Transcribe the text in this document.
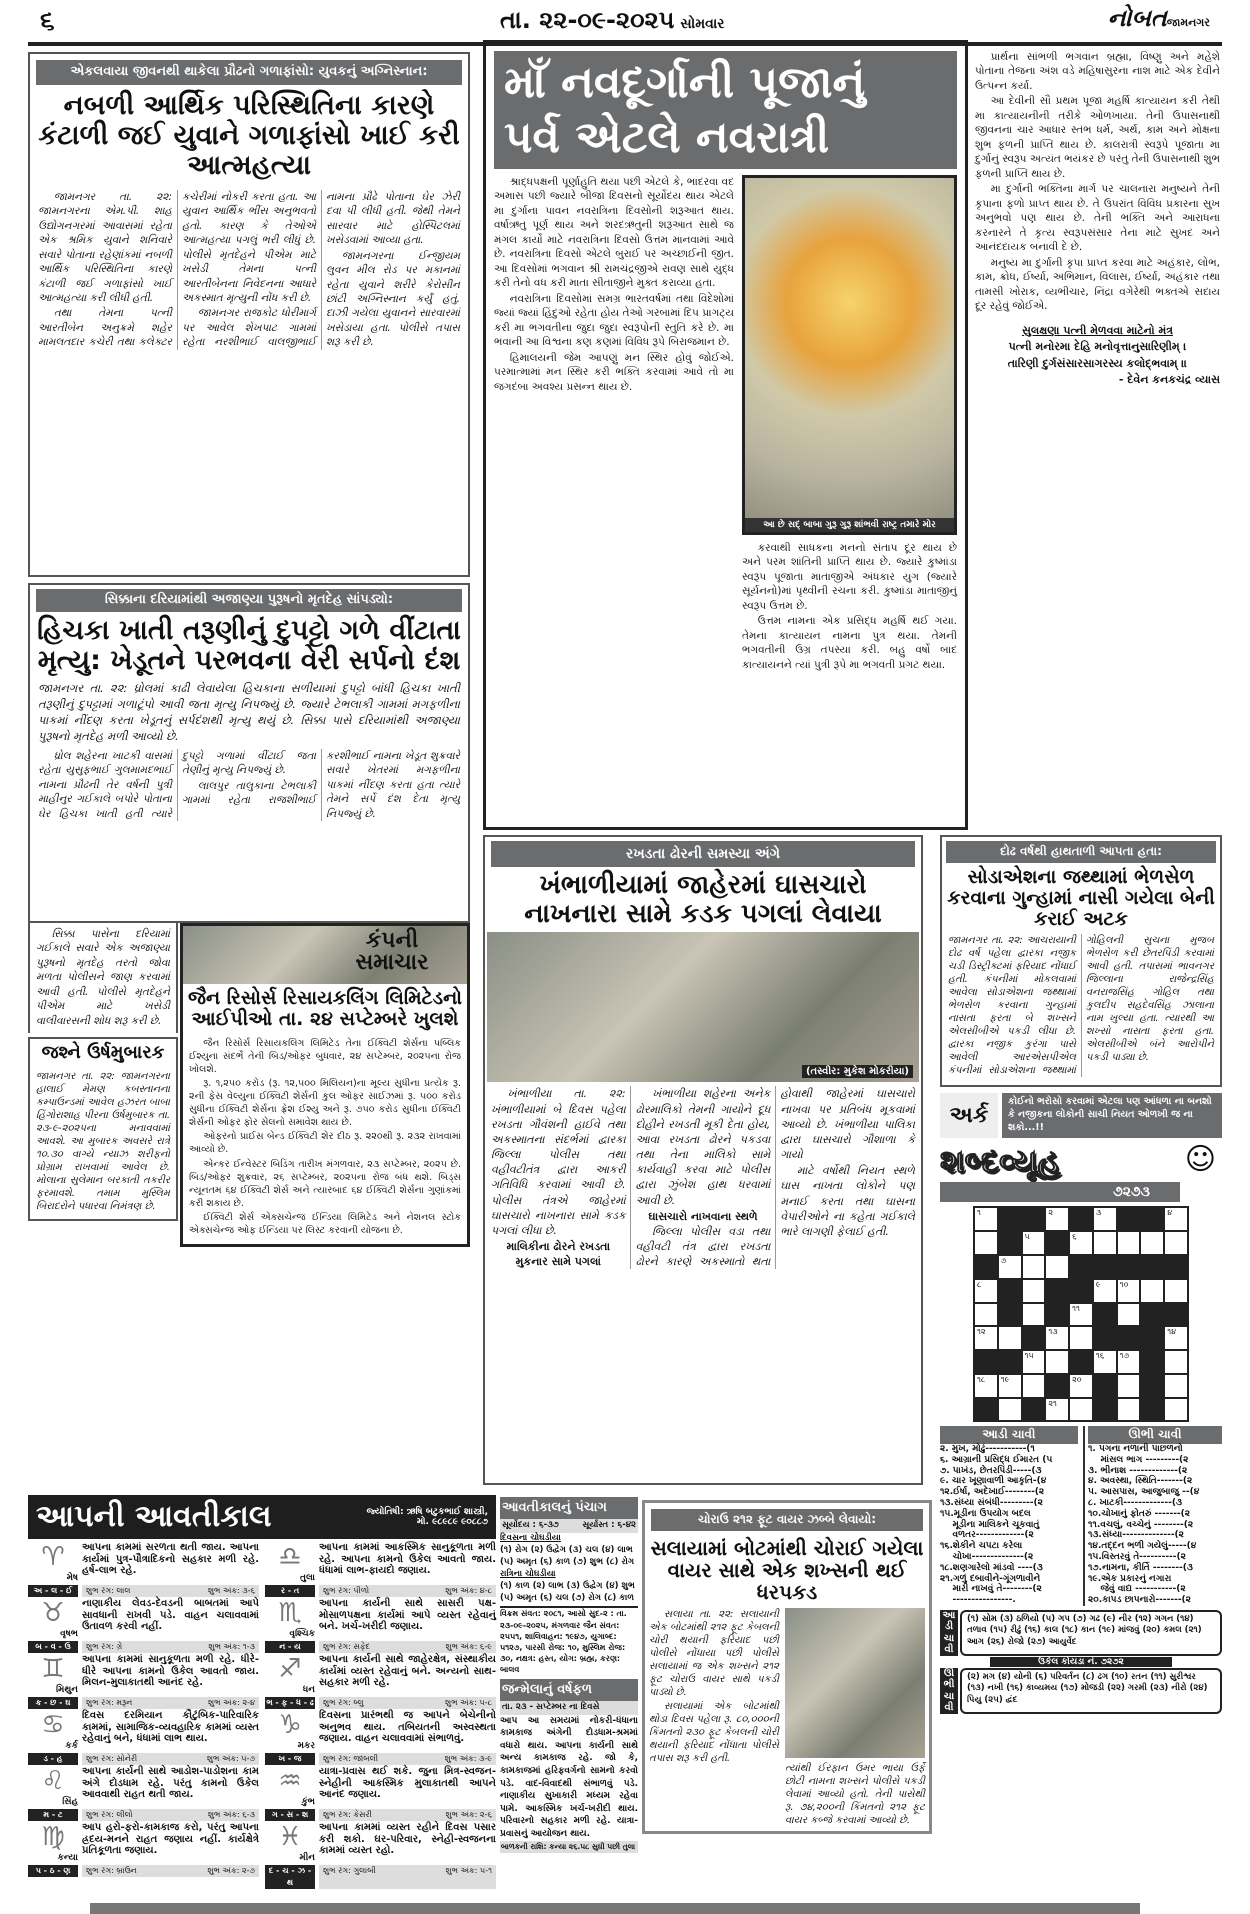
૬	તા. ૨૨-૦૯-૨૦૨૫ સોમવાર	નોબતજામનગર
એકલવાયા જીવનથી થાકેલા પ્રૌઢનો ગળાફાંસો: યુવકનું અગ્નિસ્નાન:
નબળી આર્થિક પરિસ્થિતિના કારણે કંટાળી જઈ યુવાને ગળાફાંસો ખાઈ કરી આત્મહત્યા

જામનગર તા. ૨૨: જામનગરના એમ.પી. શાહ ઉદ્યોગનગરમાં આવાસમાં રહેતા એક શ્રમિક યુવાને શનિવારે સવારે પોતાના રહેણાંકમાં નબળી આર્થિક પરિસ્થિતિના કારણે કંટાળી જઈ ગળાફાંસો ખાઈ આત્મહત્યા કરી લીધી હતી.

તથા તેમના પત્ની આરતીબેન અનુક્રમે શહેર મામલતદાર કચેરી તથા કલેક્ટર કચેરીમાં નોકરી કરતા હતા. આ યુવાન આર્થિક ભીંસ અનુભવતો હતો. કારણ કે તેઓએ આત્મહત્યા પગલું ભરી લીધું છે. પોલીસે મૃતદેહને પીએમ માટે ખસેડી તેમના પત્ની આરતીબેનના નિવેદનના આધારે અકસ્માત મૃત્યુની નોંધ કરી છે.

જામનગર રાજકોટ ધોરીમાર્ગ પર આવેલ શેખપાટ ગામમાં રહેતા નરશીભાઈ વાલજીભાઈ નામના પ્રૌઢે પોતાના ઘેર ઝેરી દવા પી લીધી હતી. જેથી તેમને સારવાર માટે હોસ્પિટલમાં ખસેડવામાં આવ્યા હતા.

જામનગરના ઈન્જીયમ લુવન મીલ રોડ પર મકાનમાં રહેતા યુવાને શરીરે કેરોસીન છાંટી અગ્નિસ્નાન કર્યું હતું. દાઝી ગયેલા યુવાનને સારવારમાં ખસેડાયા હતા. પોલીસે તપાસ શરૂ કરી છે.

સિક્કાના દરિયામાંથી અજાણ્યા પુરૂષનો મૃતદેહ સાંપડ્યો:
હિચકા ખાતી તરૂણીનું દુપટ્ટો ગળે વીંટાતા મૃત્યુ: ખેડૂતને પરભવના વેરી સર્પનો દંશ
જામનગર તા. ૨૨: ધ્રોલમાં કાઢી લેવાયેલા હિચકાના સળીયામાં દુપટ્ટો બાંધી હિચકા ખાતી તરૂણીનું દુપટ્ટામાં ગળાટૂંપો આવી જતા મૃત્યુ નિપજ્યું છે. જ્યારે ટેભલાકી ગામમાં મગફળીના પાકમાં નીંદણ કરતા ખેડૂતનું સર્પદંશથી મૃત્યુ થયું છે. સિક્કા પાસે દરિયામાંથી અજાણ્યા પુરૂષનો મૃતદેહ મળી આવ્યો છે.

ધ્રોલ શહેરના ખાટકી વાસમાં રહેતા યુસુફભાઈ ગુલમામદભાઈ નામના પ્રૌઢની તેર વર્ષની પુત્રી માહીનુર ગઈકાલે બપોરે પોતાના ઘેર હિચકા ખાતી હતી ત્યારે દુપટ્ટો ગળામાં વીંટાઈ જતા તેણીનું મૃત્યુ નિપજ્યું છે.

લાલપુર તાલુકાના ટેભલાકી ગામમાં રહેતા રાજશીભાઈ કરશીભાઈ નામના ખેડૂત શુક્રવારે સવારે ખેતરમાં મગફળીના પાકમાં નીંદણ કરતા હતા ત્યારે તેમને સર્પે દંશ દેતા મૃત્યુ નિપજ્યું છે.

સિક્કા પાસેના દરિયામાં ગઈકાલે સવારે એક અજાણ્યા પુરૂષનો મૃતદેહ તરતો જોવા મળતા પોલીસને જાણ કરવામાં આવી હતી. પોલીસે મૃતદેહને પીએમ માટે ખસેડી વાલીવારસની શોધ શરૂ કરી છે.

જશ્ને ઉર્ષમુબારક
જામનગર તા. ૨૨: જામનગરના હાલાઈ મેમણ કબસ્તાનના કમ્પાઉન્ડમાં આવેલ હઝરત બાબા હિંગોરાશાહ પીરના ઉર્ષમુબારક તા. ૨૩-૯-૨૦૨૫ના મનાવવામાં આવશે. આ મુબારક અવસરે રાત્રે ૧૦.૩૦ વાગ્યે ન્યાઝ શરીફનો પ્રોગ્રામ રાખવામાં આવેલ છે. મોલાના સુલેમાન બરકાતી તકરીર ફરમાવશે. તમામ મુસ્લિમ બિરાદરોને પધારવા નિમંત્રણ છે.
કંપની સમાચાર
જૈન રિસોર્સ રિસાયકલિંગ લિમિટેડનો આઈપીઓ તા. ૨૪ સપ્ટેમ્બરે ખુલશે

જૈન રિસોર્સ રિસાયકલિંગ લિમિટેડ તેના ઈક્વિટી શેર્સના પબ્લિક ઈશ્યુના સંદર્ભે તેની બિડ/ઓફર બુધવાર, ૨૪ સપ્ટેમ્બર, ૨૦૨૫ના રોજ ખોલશે.

રૂ. ૧,૨૫૦ કરોડ (રૂ. ૧૨,૫૦૦ મિલિયન)ના મૂલ્ય સુધીના પ્રત્યેક રૂ. ૨ની ફેસ વેલ્યુના ઈક્વિટી શેર્સની કુલ ઓફર સાઈઝમાં રૂ. ૫૦૦ કરોડ સુધીના ઈક્વિટી શેર્સના ફ્રેશ ઈશ્યુ અને રૂ. ૭૫૦ કરોડ સુધીના ઈક્વિટી શેર્સની ઓફર ફોર સેલનો સમાવેશ થાય છે.

ઓફરનો પ્રાઈસ બેન્ડ ઈક્વિટી શેર દીઠ રૂ. ૨૨૦થી રૂ. ૨૩૨ રાખવામાં આવ્યો છે.

એન્કર ઈન્વેસ્ટર બિડિંગ તારીખ મંગળવાર, ૨૩ સપ્ટેમ્બર, ૨૦૨૫ છે. બિડ/ઓફર શુક્રવાર, ૨૬ સપ્ટેમ્બર, ૨૦૨૫ના રોજ બંધ થશે. બિડ્સ ન્યૂનતમ ૬૪ ઈક્વિટી શેર્સ અને ત્યારબાદ ૬૪ ઈક્વિટી શેર્સના ગુણાંકમાં કરી શકાય છે.

ઈક્વિટી શેર્સ એક્સચેન્જ ઈન્ડિયા લિમિટેડ અને નેશનલ સ્ટોક એક્સચેન્જ ઓફ ઈન્ડિયા પર લિસ્ટ કરવાની યોજના છે.

માઁ નવદૂર્ગાની પૂજાનું
પર્વ એટલે નવરાત્રી

શ્રાદ્ધપક્ષની પૂર્ણાહુતિ થયા પછી એટલે કે, ભાદરવા વદ અમાસ પછી જ્યારે બીજા દિવસનો સૂર્યોદય થાય એટલે મા દુર્ગાના પાવન નવરાત્રિના દિવસોની શરૂઆત થાય. વર્ષાઋતુ પૂર્ણ થાય અને શરદઋતુની શરૂઆત સાથે જ મંગલ કાર્યો માટે નવરાત્રિના દિવસો ઉત્તમ માનવામાં આવે છે. નવરાત્રિના દિવસો એટલે બુરાઈ પર અચ્છાઈની જીત. આ દિવસોમાં ભગવાન શ્રી રામચંદ્રજીએ રાવણ સાથે યુદ્ધ કરી તેનો વધ કરી માતા સીતાજીને મુક્ત કરાવ્યા હતા.

નવરાત્રિના દિવસોમાં સમગ્ર ભારતવર્ષમાં તથા વિદેશોમાં જ્યાં જ્યાં હિંદુઓ રહેતા હોય તેઓ ગરબામાં દિપ પ્રાગટ્ય કરી મા ભગવતીના જુદા જુદા સ્વરૂપોની સ્તુતિ કરે છે. મા ભવાની આ વિશ્વના કણ કણમાં વિવિધ રૂપે બિરાજમાન છે.

હિમાલયની જેમ આપણું મન સ્થિર હોવું જોઈએ. પરમાત્મામાં મન સ્થિર કરી ભક્તિ કરવામાં આવે તો મા જગદંબા અવશ્ય પ્રસન્ન થાય છે.

આ છે સદ્ બાબા ગુરૂ ગુરૂ શાંભવી રાષ્ટ્ર તમારે મોર

કરવાથી સાધકના મનનો સંતાપ દૂર થાય છે અને પરમ શાંતિની પ્રાપ્તિ થાય છે. જ્યારે કુષ્માંડા સ્વરૂપ પૂજાતા માતાજીએ અંધકાર યુગ (જ્યારે સૂર્યનનો)માં પૃથ્વીની રચના કરી. કુષ્માંડા માતાજીનું સ્વરૂપ ઉત્તમ છે.

ઉત્તમ નામના એક પ્રસિદ્ધ મહર્ષિ થઈ ગયા. તેમના કાત્યાયન નામના પુત્ર થયા. તેમની ભગવતીની ઉગ્ર તપસ્યા કરી. બહુ વર્ષો બાદ કાત્યાયનને ત્યાં પુત્રી રૂપે મા ભગવતી પ્રગટ થયા.

રખડતા ઢોરની સમસ્યા અંગે
ખંભાળીયામાં જાહેરમાં ઘાસચારો નાખનારા સામે કડક પગલાં લેવાયા
(તસ્વીર: મુકેશ મોકરીયા)

ખંભાળીયા તા. ૨૨: ખંભાળીયામાં બે દિવસ પહેલા રખડતા ગૌવંશની હાઈવે તથા અકસ્માતના સંદર્ભમાં દ્વારકા જિલ્લા પોલીસ તથા વહીવટીતંત્ર દ્વારા આકરી ગતિવિધિ કરવામાં આવી છે. પોલીસ તંત્રએ જાહેરમાં ઘાસચારો નાખનારા સામે કડક પગલાં લીધા છે.

માલિકીના ઢોરને રખડતા મુકનાર સામે પગલાં

ખંભાળીયા શહેરના અનેક ઢોરમાલિકો તેમની ગાયોને દૂધ દોહીને રખડતી મૂકી દેતા હોય, આવા રખડતા ઢોરને પકડવા તથા તેના માલિકો સામે કાર્યવાહી કરવા માટે પોલીસ દ્વારા ઝુંબેશ હાથ ધરવામાં આવી છે.

ઘાસચારો નાખવાના સ્થળે

જિલ્લા પોલીસ વડા તથા વહીવટી તંત્ર દ્વારા રખડતા ઢોરને કારણે અકસ્માતો થતા હોવાથી જાહેરમાં ઘાસચારો નાખવા પર પ્રતિબંધ મૂકવામાં આવ્યો છે. ખંભાળીયા પાલિકા દ્વારા ઘાસચારો ગૌશાળા કે ગાયો

માટે વર્ષોથી નિયત સ્થળે ઘાસ નાખતા લોકોને પણ મનાઈ કરતા તથા ઘાસના વેપારીઓને ના કહેતા ગઈકાલે ભારે લાગણી ફેલાઈ હતી.

પ્રાર્થના સાંભળી ભગવાન બ્રહ્મા, વિષ્ણુ અને મહેશે પોતાના તેજના અંશ વડે મહિષાસુરના નાશ માટે એક દેવીને ઉત્પન્ન કર્યા.

આ દેવીની સૌ પ્રથમ પૂજા મહર્ષિ કાત્યાયન કરી તેથી મા કાત્યાયનીની તરીકે ઓળખાયા. તેની ઉપાસનાથી જીવનના ચાર આધાર સ્તંભ ધર્મ, અર્થ, કામ અને મોક્ષના શુભ ફળની પ્રાપ્તિ થાય છે. કાલરાત્રી સ્વરૂપે પૂજાતા મા દુર્ગાનું સ્વરૂપ અત્યંત ભયંકર છે પરંતુ તેની ઉપાસનાથી શુભ ફળની પ્રાપ્તિ થાય છે.

મા દુર્ગાની ભક્તિના માર્ગ પર ચાલનારા મનુષ્યને તેની કૃપાના ફળો પ્રાપ્ત થાય છે. તે ઉપરાંત વિવિધ પ્રકારના સુખ અનુભવો પણ થાય છે. તેની ભક્તિ અને આરાધના કરનારને તે કૃત્ય સ્વરૂપસંસાર તેના માટે સુખદ અને આનંદદાયક બનાવી દે છે.

મનુષ્ય મા દુર્ગાની કૃપા પ્રાપ્ત કરવા માટે અહંકાર, લોભ, કામ, ક્રોધ, ઈર્ષ્યા, અભિમાન, વિલાસ, ઈર્ષ્યા, અહંકાર તથા તામસી ખોરાક, વ્યભીચાર, નિંદ્રા વગેરેથી ભક્તએ સદાય દૂર રહેવું જોઈએ.

સુલક્ષણા પત્ની મેળવવા માટેનો મંત્ર
પત્ની મનોરમા દેહિ મનોવૃત્તાનુસારિણીમ્ ।
તારિણી દુર્ગસંસારસાગરસ્ય કલોદ્ભવામ્ ॥
- દેવેન કનકચંદ્ર વ્યાસ
દોઢ વર્ષથી હાથતાળી આપતા હતા:
સોડાએશના જથ્થામાં ભેળસેળ કરવાના ગુન્હામાં નાસી ગયેલા બેની કરાઈ અટક
જામનગર તા. ૨૨: આચરાયાની દોઢ વર્ષ પહેલા દ્વારકા નજીક ચડી ડિસ્ટ્રીક્ટમાં ફરિયાદ નોંધાઈ હતી. કંપનીમાં મોકલવામાં આવેલા સોડાએશના જથ્થામાં ભેળસેળ કરવાના ગુન્હામાં નાસતા ફરતા બે શખ્સને એલસીબીએ પકડી લીધા છે. દ્વારકા નજીક કુરંગા પાસે આવેલી આરએસપીએલ કંપનીમાં સોડાએશના જથ્થામાં ગોહિલની સુચના મુજબ ભેળસેળ કરી છેતરપિંડી કરવામાં આવી હતી. તપાસમાં ભાવનગર જિલ્લાના રાજેન્દ્રસિંહ વનરાજસિંહ ગોહિલ તથા કુલદીપ સહદેવસિંહ ઝાલાના નામ ખુલ્યા હતા. ત્યારથી આ શખ્સો નાસતા ફરતા હતા. એલસીબીએ બંને આરોપીને પકડી પાડ્યા છે.
અર્ક
કોઈનો ભરોસો કરવામાં એટલા પણ આંધળા ના બનશો કે નજીકના લોકોની સાચી નિયત ઓળખી જ ના શકો...!!
શબ્દવ્યૂહ	☺
૭૨૭૩
૧	૨	૩	૪
૫	૬
૭
૮	૯ ૧૦
૧૧
૧૨	૧૩	૧૪
૧૫	૧૬ ૧૭
૧૮ ૧૯	૨૦
૨૧
આડી ચાવી
૨. મુખ, મોઢું-----------(૧
૬. આગ્રાની પ્રસિદ્ધ ઈમારત (૫
૭. પાખંડ, છેતરપિંડી-----(૩
૯. ચાર ખૂણાવાળી આકૃતિ-(૪
૧૨.ઈર્ષા, અદેખાઈ--------(૨
૧૩.સંધ્યા સંબંધી---------(૨
૧૫.મૂડીના ઉપયોગ બદલ
મૂડીના માલિકને ચૂકવાતું
વળતર-------------(૨
૧૬.શેકીને ચપટા કરેલા
ચોખા--------------(૨
૧૮.શણગારેલો માંડવો ----(૩
૨૧.ગળું દબાવીને-ગૂંગળાવીને
મારી નાખવું તે--------(૨
----------------.
ઊભી ચાવી
૧. પગના નળાની પાછળનો
માંસલ ભાગ ---------(૨
૩. ભીનાશ -------------(૨
૪. અવસ્થા, સ્થિતિ-------(૨
૫. આસપાસ, આજુબાજુ --(૪
૮. ખાટકી-------------(૩
૧૦.ચોખાનું ફોતરું -------(૨
૧૧.વચલું, વચ્ચેનું --------(૨
૧૩.સંધ્યા--------------(૨
૧૪.તદ્દન ભળી ગયેલું-----(૪
૧૫.વિસ્તરવું તે----------(૨
૧૭.નામના, કીર્તિ --------(૩
૧૯.એક પ્રકારનું નગારા
જેવું વાદ્ય -----------(૨
૨૦.કાપડ છાપનારો-------(૨
આડી ચાવી
(૧) સોમ (૩) ઠળિયો (૫) ગપ (૭) ગઢ (૯) નીર (૧૨) ગગન (૧૪) તળાવ (૧૫) રીઢું (૧૬) કાલ (૧૮) કાન (૧૯) માંજવું (૨૦) કમલ (૨૧) આગ (૨૬) રોજો (૨૭) આયુર્વેદ
ઉકેલ કોયડા નં. ૭૨૭૨
ઊભી ચાવી
(૨) મગ (૪) યોની (૬) પરિવર્તન (૮) ઢગ (૧૦) રતન (૧૧) સુરીશ્વર (૧૩) નખી (૧૬) કાવ્યમય (૧૭) મોજડી (૨૨) ગરમી (૨૩) નીરો (૨૪) પિયુ (૨૫) દ્વંદ
આપની આવતીકાલ	જ્યોતિષી: ઋષિ બટુકભાઈ શાસ્ત્રી,
મો. ૯૮૯૮૯ ૯૦૮૮૭
♈
મેષ
આપના કામમાં સરળતા થતી જાય. આપના કાર્યમાં પુત્ર-પૌત્રાદિકનો સહકાર મળી રહે. હર્ષ-લાભ રહે.
અ - લ - ઈ	શુભ રંગ: લાલ	શુભ અંક: ૩-૬
♉
વૃષભ
નાણાકીય લેવડ-દેવડની બાબતમાં આપે સાવધાની રાખવી પડે. વાહન ચલાવવામાં ઉતાવળ કરવી નહીં.
બ - વ - ઉ	શુભ રંગ: ગ્રે	શુભ અંક: ૧-૩
♊
મિથુન
આપના કામમાં સાનુકૂળતા મળી રહે. ધીરે-ધીરે આપના કામનો ઉકેલ આવતો જાય. મિલન-મુલાકાતથી આનંદ રહે.
ક - છ - ઘ	શુભ રંગ: મરૂન	શુભ અંક: ૨-૪
♋
કર્ક
દિવસ દરમિયાન કૌટુંબિક-પારિવારિક કામમાં, સામાજિક-વ્યવહારિક કામમાં વ્યસ્ત રહેવાનું બને, ધંધામાં લાભ થાય.
ડ - હ	શુભ રંગ: સોનેરી	શુભ અંક: ૫-૭
♌
સિંહ
આપના કાર્યની સાથે આડોશ-પાડોશના કામ અંગે દોડધામ રહે. પરંતુ કામનો ઉકેલ આવવાથી રાહત થતી જાય.
મ - ટ	શુભ રંગ: લીલો	શુભ અંક: ૬-૩
♍
કન્યા
આપ હરો-ફરો-કામકાજ કરો, પરંતુ આપના હ્રદય-મનને રાહત જણાય નહીં. કાર્યક્ષેત્રે પ્રતિકૂળતા જણાય.
પ - ઠ - ણ	શુભ રંગ: બ્રાઉન	શુભ અંક: ૨-૭
♎
તુલા
આપના કામમાં આકસ્મિક સાનુકૂળતા મળી રહે. આપના કામનો ઉકેલ આવતો જાય. ધંધામાં લાભ-ફાયદો જણાય.
ર - ત	શુભ રંગ: પીળો	શુભ અંક: ૪-૮
♏
વૃશ્ચિક
આપના કાર્યની સાથે સાસરી પક્ષ-મોસાળપક્ષના કાર્યમાં આપે વ્યસ્ત રહેવાનું બને. ખર્ચ-ખરીદી જણાય.
ન - ય	શુભ રંગ: સફેદ	શુભ અંક: ૬-૯
♐
ધન
આપના કાર્યની સાથે જાહેરક્ષેત્ર, સંસ્થાકીય કાર્યમાં વ્યસ્ત રહેવાનું બને. અન્યનો સાથ-સહકાર મળી રહે.
ભ - ફ - ધ - ઢ શુભ રંગ: બ્લુ	શુભ અંક: ૫-૮
♑
મકર
દિવસના પ્રારંભથી જ આપને બેચેનીનો અનુભવ થાય. તબિયતની અસ્વસ્થતા જણાય. વાહન ચલાવવામાં સંભાળવું.
ખ - જ	શુભ રંગ: જાંબલી	શુભ અંક: ૩-૯
♒
કુંભ
યાત્રા-પ્રવાસ થઈ શકે. જુના મિત્ર-સ્વજન-સ્નેહીની આકસ્મિક મુલાકાતથી આપને આનંદ જણાય.
ગ - સ - શ	શુભ રંગ: કેસરી	શુભ અંક: ૨-૬
♓
મીન
આપના કામમાં વ્યસ્ત રહીને દિવસ પસાર કરી શકો. ઘર-પરિવાર, સ્નેહી-સ્વજનના કામમાં વ્યસ્ત રહો.
દ - ચ - ઝ - થ
શુભ રંગ: ગુલાબી	શુભ અંક: ૫-૧
આવતીકાલનું પંચાગ
સૂર્યોદય : ૬-૩૭	સૂર્યાસ્ત : ૬-૪૨
દિવસના ચોઘડીયા
(૧) રોગ (૨) ઉદ્વેગ (૩) ચલ (૪) લાભ
(૫) અમૃત (૬) કાળ (૭) શુભ (૮) રોગ
રાત્રિના ચોઘડીયા
(૧) કાળ (૨) લાભ (૩) ઉદ્વેગ (૪) શુભ
(૫) અમૃત (૬) ચલ (૭) રોગ (૮) કાળ
વિક્રમ સંવત: ૨૦૮૧, આસો સુદ-૨ : તા. ૨૩-૦૯-૨૦૨૫, મંગળવાર જૈન સંવત: ૨૫૫૧, શાલિવાહન: ૧૯૪૭, યુગાબ્દ: ૫૧૨૭, પારસી રોજ: ૧૦, મુસ્લિમ રોજ: ૩૦, નક્ષત્ર: હસ્ત, યોગ: બ્રહ્મ, કરણ: બાલવ
જન્મેલાનું વર્ષફળ
તા. ૨૩ - સપ્ટેમ્બર ના દિવસે
આપ આ સમયમાં નોકરી-ધંધાના કામકાજ અંગેની દોડધામ-શ્રમમાં વધારો થાય. આપના કાર્યની સાથે અન્ય કામકાજ રહે. જો કે, કામકાજમાં હરિફવર્ગનો સામનો કરવો પડે. વાદ-વિવાદથી સંભાળવું પડે. નાણાકીય સુખાકારી મધ્યમ રહેવા પામે. આકસ્મિક ખર્ચ-ખરીદી થાય. પરિવારનો સહકાર મળી રહે. યાત્રા-પ્રવાસનું આયોજન થાય.
બાળકની રાશિ: કન્યા ૨૬.૫૮ સુધી પછી તુલા
ચોરાઉ ૨૧૨ ફૂટ વાયર ઝબ્બે લેવાયો:
સલાયામાં બોટમાંથી ચોરાઈ ગયેલા વાયર સાથે એક શખ્સની થઈ ધરપકડ

સલાયા તા. ૨૨: સલાયાની એક બોટમાંથી ૨૧૨ ફૂટ કેબલની ચોરી થયાની ફરિયાદ પછી પોલીસે નોંધાયા પછી પોલીસે સલાયામાં જ એક શખ્સને ૨૧૨ ફૂટ ચોરાઉ વાયર સાથે પકડી પાડ્યો છે.

સલાયામાં એક બોટમાંથી થોડા દિવસ પહેલા રૂ. ૮૦,૦૦૦ની કિંમતનો ૨૩૦ ફૂટ કેબલની ચોરી થયાની ફરિયાદ નોંધાતા પોલીસે તપાસ શરૂ કરી હતી.

ત્યાંથી ઈરફાન ઉમર ભાયા ઉર્ફે છોટી નામના શખ્સને પોલીસે પકડી લેવામાં આવ્યો હતો. તેની પાસેથી રૂ. ૭૪,૨૦૦ની કિંમતનો ૨૧૨ ફૂટ વાયર કબ્જે કરવામાં આવ્યો છે.
